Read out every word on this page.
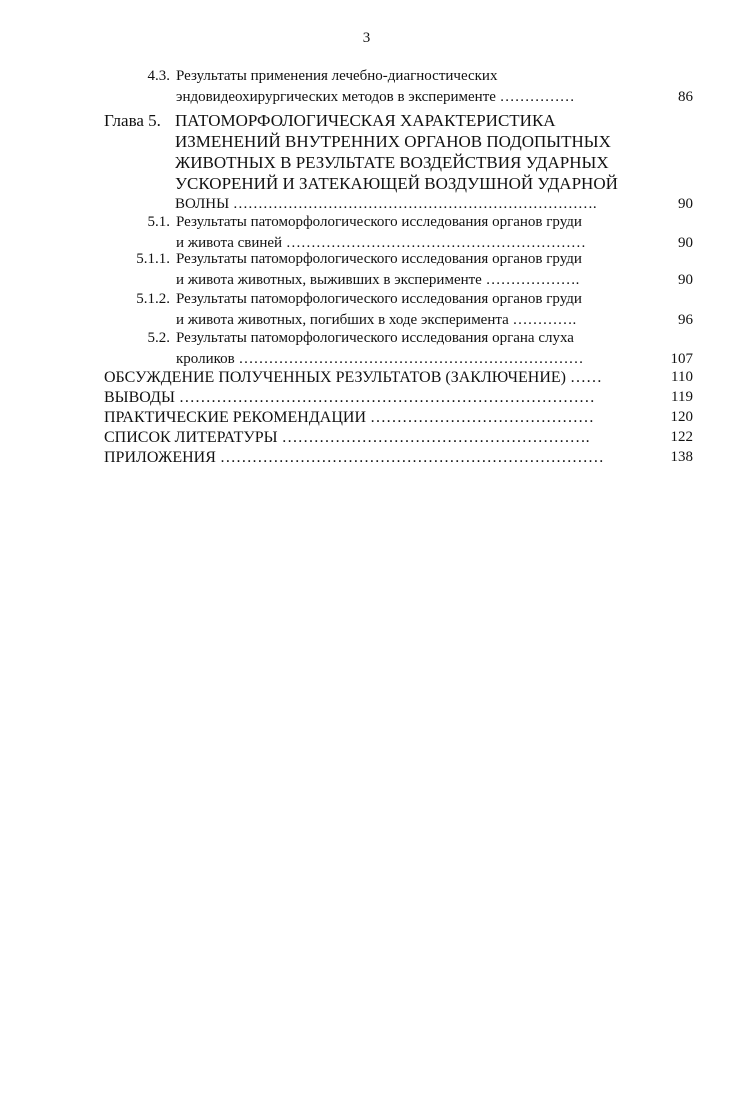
3
4.3. Результаты применения лечебно-диагностических
эндовидеохирургических методов в эксперименте ……………	86
Глава 5. ПАТОМОРФОЛОГИЧЕСКАЯ ХАРАКТЕРИСТИКА
ИЗМЕНЕНИЙ ВНУТРЕННИХ ОРГАНОВ ПОДОПЫТНЫХ
ЖИВОТНЫХ В РЕЗУЛЬТАТЕ ВОЗДЕЙСТВИЯ УДАРНЫХ
УСКОРЕНИЙ И ЗАТЕКАЮЩЕЙ ВОЗДУШНОЙ УДАРНОЙ
ВОЛНЫ ……………………………………………………………….	90
5.1. Результаты патоморфологического исследования органов груди
и живота свиней ……………………………………………………	90
5.1.1. Результаты патоморфологического исследования органов груди
и живота животных, выживших в эксперименте ……………….	90
5.1.2. Результаты патоморфологического исследования органов груди
и живота животных, погибших в ходе эксперимента ………….	96
5.2. Результаты патоморфологического исследования органа слуха
кроликов ……………………………………………………………	107
ОБСУЖДЕНИЕ ПОЛУЧЕННЫХ РЕЗУЛЬТАТОВ (ЗАКЛЮЧЕНИЕ) ……	110
ВЫВОДЫ ……………………………………………………………………	119
ПРАКТИЧЕСКИЕ РЕКОМЕНДАЦИИ ……………………………………	120
СПИСОК ЛИТЕРАТУРЫ ………………………………………………….	122
ПРИЛОЖЕНИЯ ………………………………………………………………	138
